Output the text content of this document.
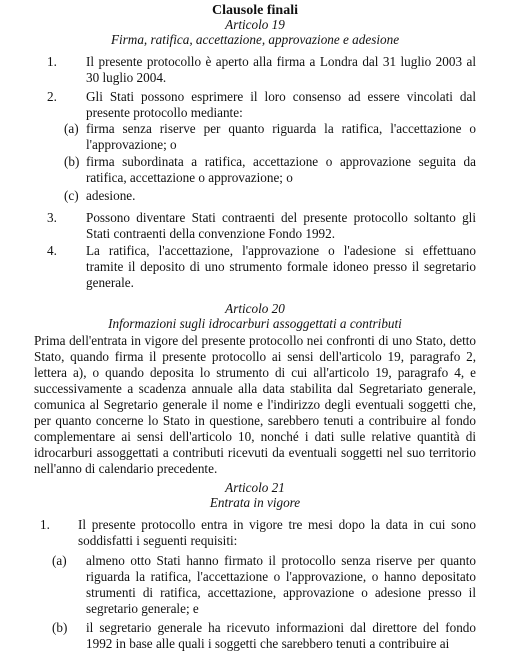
Clausole finali
Articolo 19
Firma, ratifica, accettazione, approvazione e adesione
1. Il presente protocollo è aperto alla firma a Londra dal 31 luglio 2003 al 30 luglio 2004.

2. Gli Stati possono esprimere il loro consenso ad essere vincolati dal presente protocollo mediante:

(a) firma senza riserve per quanto riguarda la ratifica, l'accettazione o l'approvazione; o

(b) firma subordinata a ratifica, accettazione o approvazione seguita da ratifica, accettazione o approvazione; o

(c) adesione.

3. Possono diventare Stati contraenti del presente protocollo soltanto gli Stati contraenti della convenzione Fondo 1992.

4. La ratifica, l'accettazione, l'approvazione o l'adesione si effettuano tramite il deposito di uno strumento formale idoneo presso il segretario generale.

Articolo 20
Informazioni sugli idrocarburi assoggettati a contributi

Prima dell'entrata in vigore del presente protocollo nei confronti di uno Stato, detto Stato, quando firma il presente protocollo ai sensi dell'articolo 19, paragrafo 2, lettera a), o quando deposita lo strumento di cui all'articolo 19, paragrafo 4, e successivamente a scadenza annuale alla data stabilita dal Segretariato generale, comunica al Segretario generale il nome e l'indirizzo degli eventuali soggetti che, per quanto concerne lo Stato in questione, sarebbero tenuti a contribuire al fondo complementare ai sensi dell'articolo 10, nonché i dati sulle relative quantità di idrocarburi assoggettati a contributi ricevuti da eventuali soggetti nel suo territorio nell'anno di calendario precedente.

Articolo 21
Entrata in vigore
1. Il presente protocollo entra in vigore tre mesi dopo la data in cui sono soddisfatti i seguenti requisiti:

(a) almeno otto Stati hanno firmato il protocollo senza riserve per quanto riguarda la ratifica, l'accettazione o l'approvazione, o hanno depositato strumenti di ratifica, accettazione, approvazione o adesione presso il segretario generale; e

(b) il segretario generale ha ricevuto informazioni dal direttore del fondo 1992 in base alle quali i soggetti che sarebbero tenuti a contribuire ai
